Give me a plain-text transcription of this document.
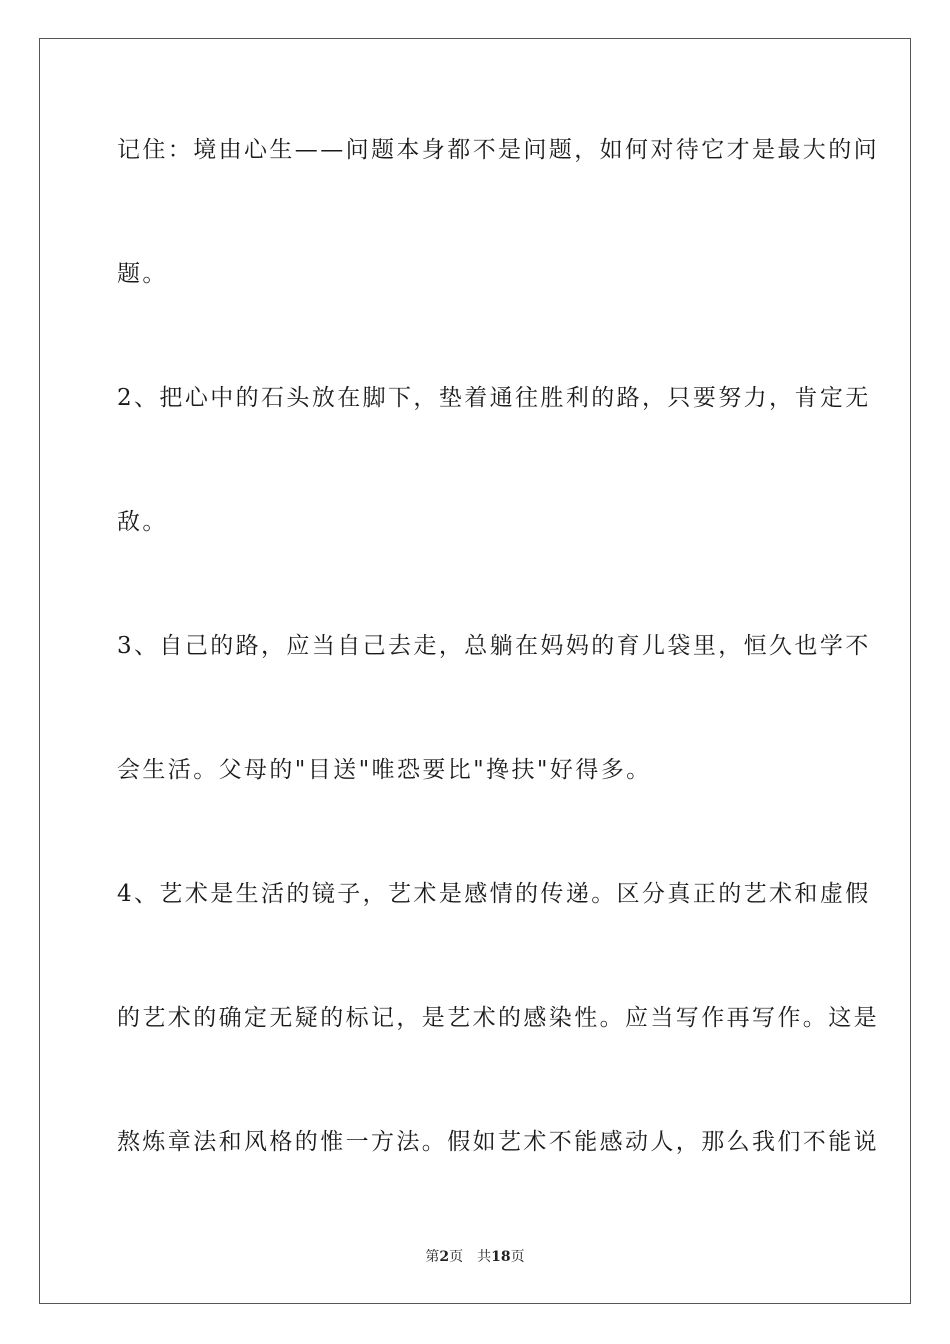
记住：境由心生——问题本身都不是问题，如何对待它才是最大的问
题。
2、把心中的石头放在脚下，垫着通往胜利的路，只要努力，肯定无
敌。
3、自己的路，应当自己去走，总躺在妈妈的育儿袋里，恒久也学不
会生活。父母的"目送"唯恐要比"搀扶"好得多。
4、艺术是生活的镜子，艺术是感情的传递。区分真正的艺术和虚假
的艺术的确定无疑的标记，是艺术的感染性。应当写作再写作。这是
熬炼章法和风格的惟一方法。假如艺术不能感动人，那么我们不能说
第2页 共18页
